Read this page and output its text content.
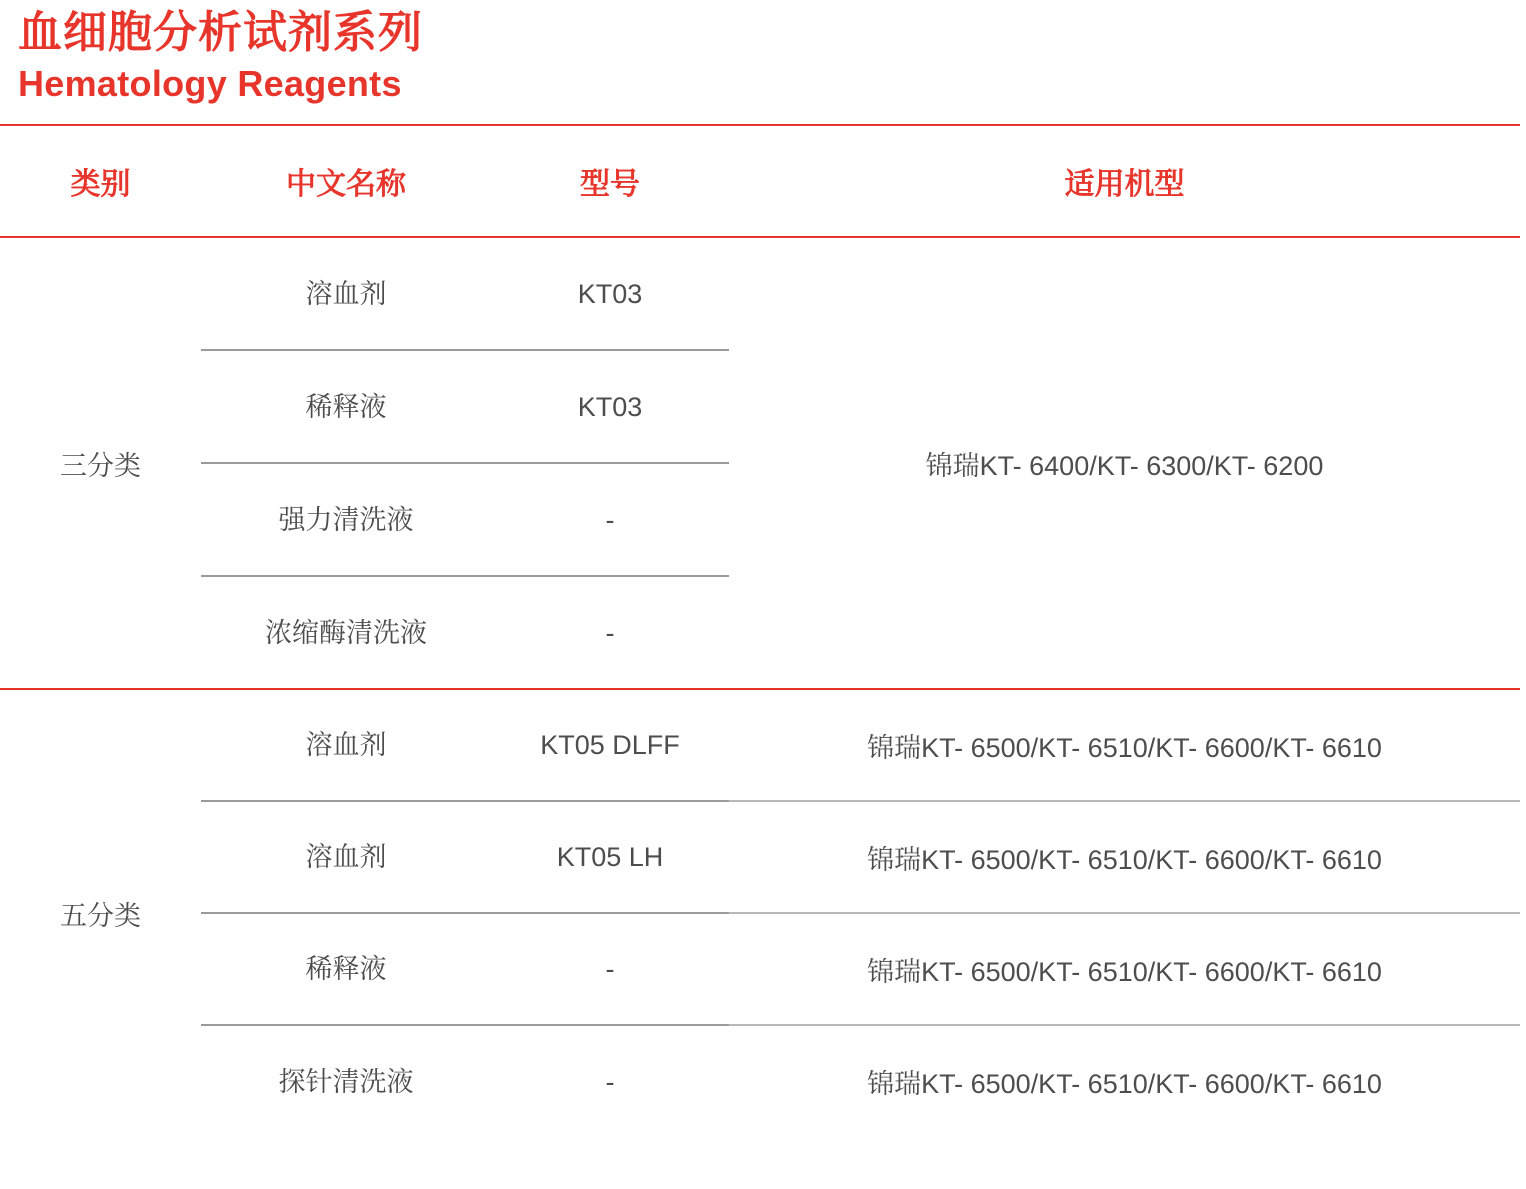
血细胞分析试剂系列
Hematology Reagents
类别	中文名称	型号	适用机型
三分类	溶血剂	KT03	锦瑞KT- 6400/KT- 6300/KT- 6200
	稀释液	KT03	
	强力清洗液	-	
	浓缩酶清洗液	-	
五分类	溶血剂	KT05 DLFF	锦瑞KT- 6500/KT- 6510/KT- 6600/KT- 6610
	溶血剂	KT05 LH	锦瑞KT- 6500/KT- 6510/KT- 6600/KT- 6610
	稀释液	-	锦瑞KT- 6500/KT- 6510/KT- 6600/KT- 6610
	探针清洗液	-	锦瑞KT- 6500/KT- 6510/KT- 6600/KT- 6610
